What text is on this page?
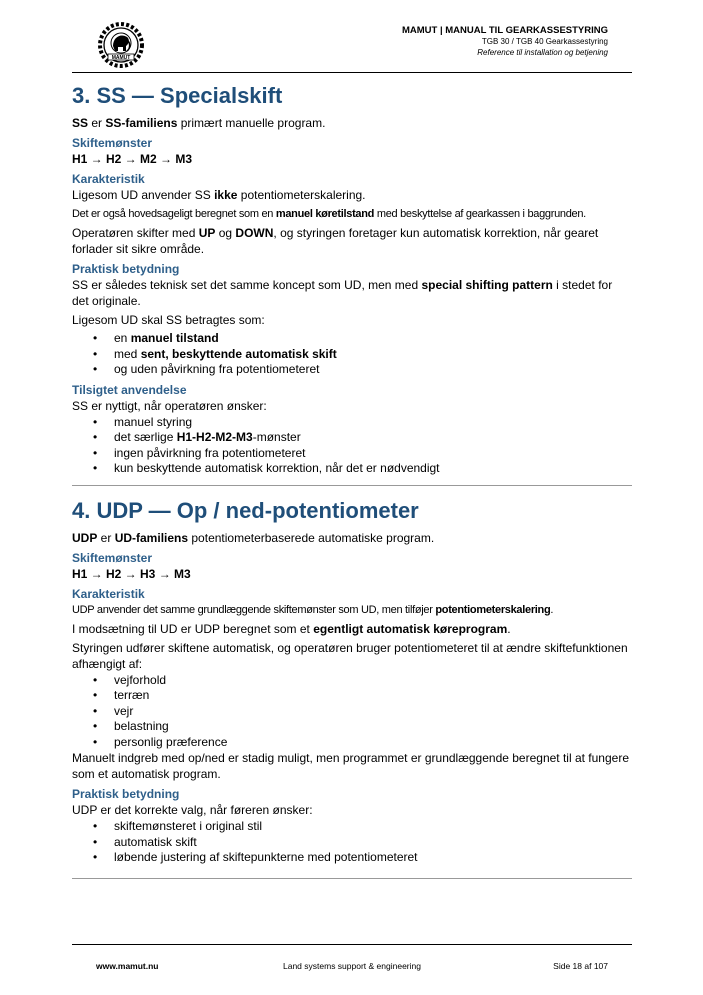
MAMUT
MAMUT | MANUAL TIL GEARKASSESTYRING
TGB 30 / TGB 40 Gearkassestyring
Reference til installation og betjening
3. SS — Specialskift

SS er SS-familiens primært manuelle program.

Skiftemønster

H1 → H2 → M2 → M3

Karakteristik

Ligesom UD anvender SS ikke potentiometerskalering.

Det er også hovedsageligt beregnet som en manuel køretilstand med beskyttelse af gearkassen i baggrunden.

Operatøren skifter med UP og DOWN, og styringen foretager kun automatisk korrektion, når gearet forlader sit sikre område.

Praktisk betydning

SS er således teknisk set det samme koncept som UD, men med special shifting pattern i stedet for det originale.

Ligesom UD skal SS betragtes som:

• en manuel tilstand
• med sent, beskyttende automatisk skift
• og uden påvirkning fra potentiometeret
Tilsigtet anvendelse

SS er nyttigt, når operatøren ønsker:

• manuel styring
• det særlige H1-H2-M2-M3-mønster
• ingen påvirkning fra potentiometeret
• kun beskyttende automatisk korrektion, når det er nødvendigt
4. UDP — Op / ned-potentiometer

UDP er UD-familiens potentiometerbaserede automatiske program.

Skiftemønster

H1 → H2 → H3 → M3

Karakteristik

UDP anvender det samme grundlæggende skiftemønster som UD, men tilføjer potentiometerskalering.

I modsætning til UD er UDP beregnet som et egentligt automatisk køreprogram.

Styringen udfører skiftene automatisk, og operatøren bruger potentiometeret til at ændre skiftefunktionen afhængigt af:

• vejforhold
• terræn
• vejr
• belastning
• personlig præference

Manuelt indgreb med op/ned er stadig muligt, men programmet er grundlæggende beregnet til at fungere som et automatisk program.

Praktisk betydning

UDP er det korrekte valg, når føreren ønsker:

• skiftemønsteret i original stil
• automatisk skift
• løbende justering af skiftepunkterne med potentiometeret
www.mamut.nu	Land systems support & engineering	Side 18 af 107
